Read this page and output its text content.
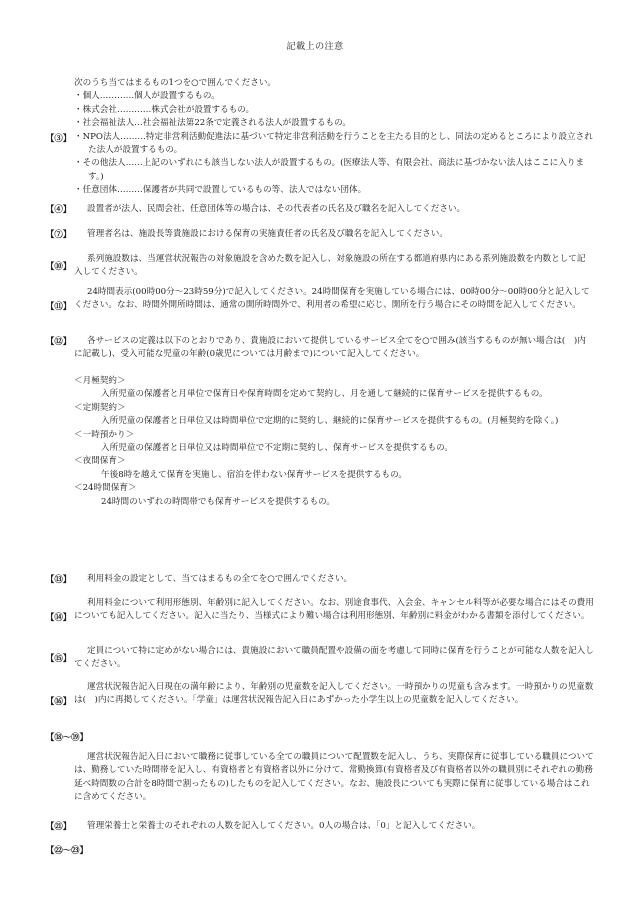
記載上の注意
【③】

次のうち当てはまるもの1つを○で囲んでください。

・個人…………個人が設置するもの。

・株式会社…………株式会社が設置するもの。

・社会福祉法人…社会福祉法第22条で定義される法人が設置するもの。

・NPO法人………特定非営利活動促進法に基づいて特定非営利活動を行うことを主たる目的とし、同法の定めるところにより設立された法人が設置するもの。

・その他法人……上記のいずれにも該当しない法人が設置するもの。(医療法人等、有限会社、商法に基づかない法人はここに入ります。)

・任意団体………保護者が共同で設置しているもの等、法人ではない団体。

【④】	設置者が法人、民間会社、任意団体等の場合は、その代表者の氏名及び職名を記入してください。
【⑦】	管理者名は、施設長等貴施設における保育の実施責任者の氏名及び職名を記入してください。
【⑩】
系列施設数は、当運営状況報告の対象施設を含めた数を記入し、対象施設の所在する都道府県内にある系列施設数を内数として記入してください。
【⑪】
24時間表示(00時00分～23時59分)で記入してください。24時間保育を実施している場合には、00時00分～00時00分と記入してください。なお、時間外開所時間は、通常の開所時間外で、利用者の希望に応じ、開所を行う場合にその時間を記入してください。
【⑫】	各サービスの定義は以下のとおりであり、貴施設において提供しているサービス全てを○で囲み(該当するものが無い場合は(　)内に記載し)、受入可能な児童の年齢(0歳児については月齢まで)について記入してください。

＜月極契約＞

入所児童の保護者と月単位で保育日や保育時間を定めて契約し、月を通して継続的に保育サービスを提供するもの。

＜定期契約＞

入所児童の保護者と日単位又は時間単位で定期的に契約し、継続的に保育サービスを提供するもの。(月極契約を除く。)

＜一時預かり＞

入所児童の保護者と日単位又は時間単位で不定期に契約し、保育サービスを提供するもの。

＜夜間保育＞

午後8時を越えて保育を実施し、宿泊を伴わない保育サービスを提供するもの。

＜24時間保育＞

24時間のいずれの時間帯でも保育サービスを提供するもの。

【⑬】	利用料金の設定として、当てはまるもの全てを○で囲んでください。
【⑭】
利用料金について利用形態別、年齢別に記入してください。なお、別途食事代、入会金、キャンセル料等が必要な場合にはその費用についても記入してください。記入に当たり、当様式により難い場合は利用形態別、年齢別に料金がわかる書類を添付してください。
【⑮】
定員について特に定めがない場合には、貴施設において職員配置や設備の面を考慮して同時に保育を行うことが可能な人数を記入してください。
【⑯】
運営状況報告記入日現在の満年齢により、年齢別の児童数を記入してください。一時預かりの児童も含みます。一時預かりの児童数は(　)内に再掲してください。「学童」は運営状況報告記入日にあずかった小学生以上の児童数を記入してください。
【⑱～⑲】
運営状況報告記入日において職務に従事している全ての職員について配置数を記入し、うち、実際保育に従事している職員については、勤務していた時間帯を記入し、有資格者と有資格者以外に分けて、常勤換算(有資格者及び有資格者以外の職員別にそれぞれの勤務延べ時間数の合計を8時間で割ったもの)したものを記入してください。なお、施設長についても実際に保育に従事している場合はこれに含めてください。
【㉑】	管理栄養士と栄養士のそれぞれの人数を記入してください。0人の場合は、「0」と記入してください。
【㉒～㉓】
